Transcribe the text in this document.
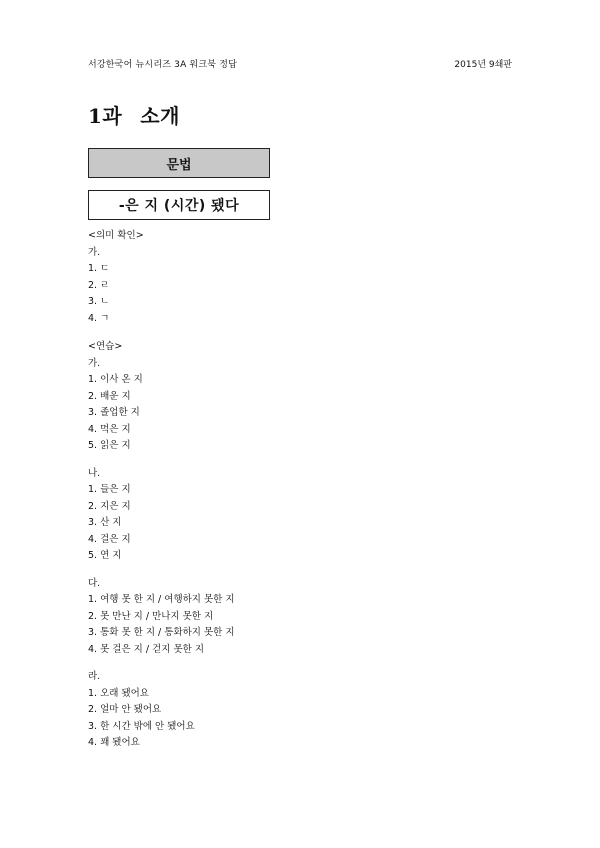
서강한국어 뉴시리즈 3A 워크북 정답	2015년 9쇄판
1과 소개
문법
-은 지 (시간) 됐다
<의미 확인>
가.
1. ㄷ
2. ㄹ
3. ㄴ
4. ㄱ
<연습>
가.
1. 이사 온 지
2. 배운 지
3. 졸업한 지
4. 먹은 지
5. 읽은 지
나.
1. 들은 지
2. 지은 지
3. 산 지
4. 걸은 지
5. 연 지
다.
1. 여행 못 한 지 / 여행하지 못한 지
2. 못 만난 지 / 만나지 못한 지
3. 통화 못 한 지 / 통화하지 못한 지
4. 못 걸은 지 / 걷지 못한 지
라.
1. 오래 됐어요
2. 얼마 안 됐어요
3. 한 시간 밖에 안 됐어요
4. 꽤 됐어요
